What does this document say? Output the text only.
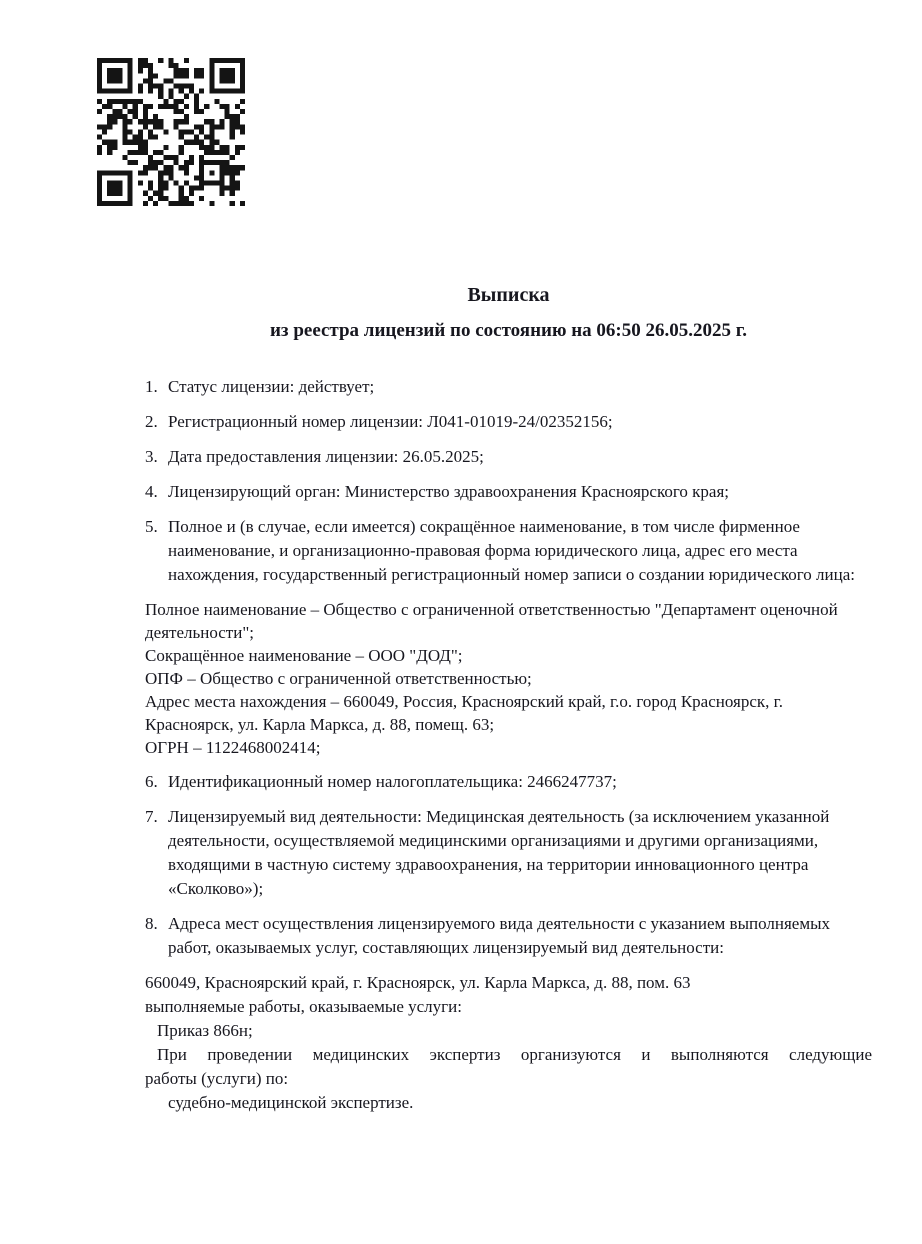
Выписка
из реестра лицензий по состоянию на 06:50 26.05.2025 г.
1. Статус лицензии: действует;
2. Регистрационный номер лицензии: Л041-01019-24/02352156;
3. Дата предоставления лицензии: 26.05.2025;
4. Лицензирующий орган: Министерство здравоохранения Красноярского края;
5. Полное и (в случае, если имеется) сокращённое наименование, в том числе фирменное наименование, и организационно-правовая форма юридического лица, адрес его места нахождения, государственный регистрационный номер записи о создании юридического лица:
Полное наименование – Общество с ограниченной ответственностью "Департамент оценочной деятельности";
Сокращённое наименование – ООО "ДОД";
ОПФ – Общество с ограниченной ответственностью;
Адрес места нахождения – 660049, Россия, Красноярский край, г.о. город Красноярск, г. Красноярск, ул. Карла Маркса, д. 88, помещ. 63;
ОГРН – 1122468002414;
6. Идентификационный номер налогоплательщика: 2466247737;
7. Лицензируемый вид деятельности: Медицинская деятельность (за исключением указанной деятельности, осуществляемой медицинскими организациями и другими организациями, входящими в частную систему здравоохранения, на территории инновационного центра «Сколково»);
8. Адреса мест осуществления лицензируемого вида деятельности с указанием выполняемых работ, оказываемых услуг, составляющих лицензируемый вид деятельности:
660049, Красноярский край, г. Красноярск, ул. Карла Маркса, д. 88, пом. 63
выполняемые работы, оказываемые услуги:
Приказ 866н;
При проведении медицинских экспертиз организуются и выполняются следующие
работы (услуги) по:
судебно-медицинской экспертизе.
